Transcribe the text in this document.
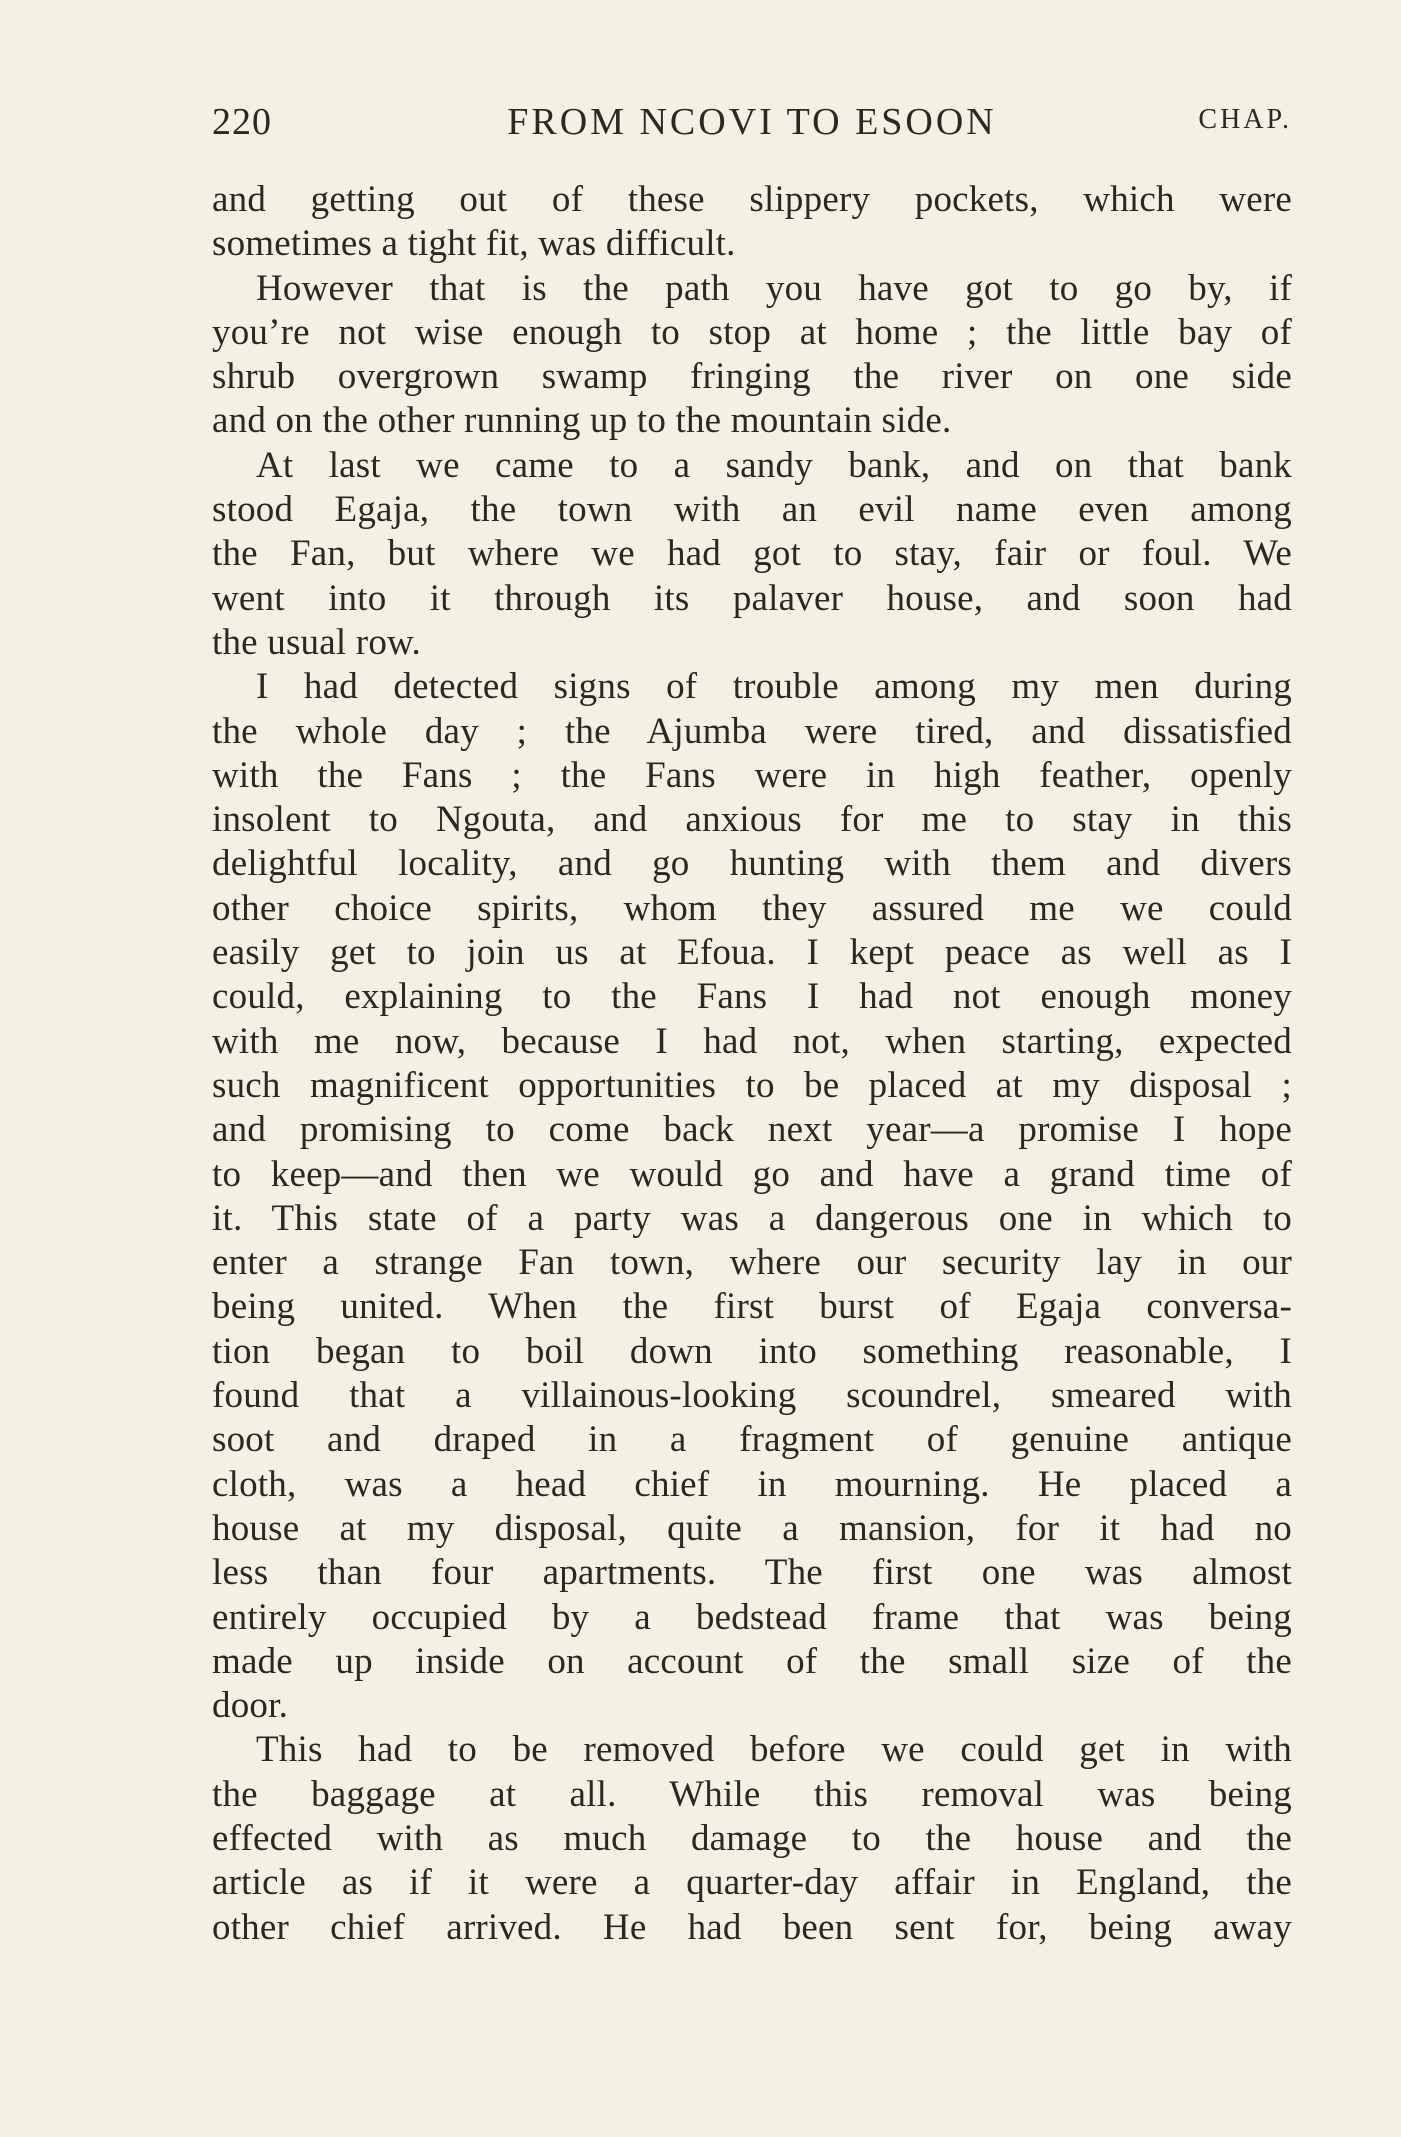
220	FROM NCOVI TO ESOON	CHAP.
and getting out of these slippery pockets, which were
sometimes a tight fit, was difficult.
However that is the path you have got to go by, if
you’re not wise enough to stop at home ; the little bay of
shrub overgrown swamp fringing the river on one side
and on the other running up to the mountain side.
At last we came to a sandy bank, and on that bank
stood Egaja, the town with an evil name even among
the Fan, but where we had got to stay, fair or foul. We
went into it through its palaver house, and soon had
the usual row.
I had detected signs of trouble among my men during
the whole day ; the Ajumba were tired, and dissatisfied
with the Fans ; the Fans were in high feather, openly
insolent to Ngouta, and anxious for me to stay in this
delightful locality, and go hunting with them and divers
other choice spirits, whom they assured me we could
easily get to join us at Efoua. I kept peace as well as I
could, explaining to the Fans I had not enough money
with me now, because I had not, when starting, expected
such magnificent opportunities to be placed at my disposal ;
and promising to come back next year—a promise I hope
to keep—and then we would go and have a grand time of
it. This state of a party was a dangerous one in which to
enter a strange Fan town, where our security lay in our
being united. When the first burst of Egaja conversa-
tion began to boil down into something reasonable, I
found that a villainous-looking scoundrel, smeared with
soot and draped in a fragment of genuine antique
cloth, was a head chief in mourning. He placed a
house at my disposal, quite a mansion, for it had no
less than four apartments. The first one was almost
entirely occupied by a bedstead frame that was being
made up inside on account of the small size of the
door.
This had to be removed before we could get in with
the baggage at all. While this removal was being
effected with as much damage to the house and the
article as if it were a quarter-day affair in England, the
other chief arrived. He had been sent for, being away
